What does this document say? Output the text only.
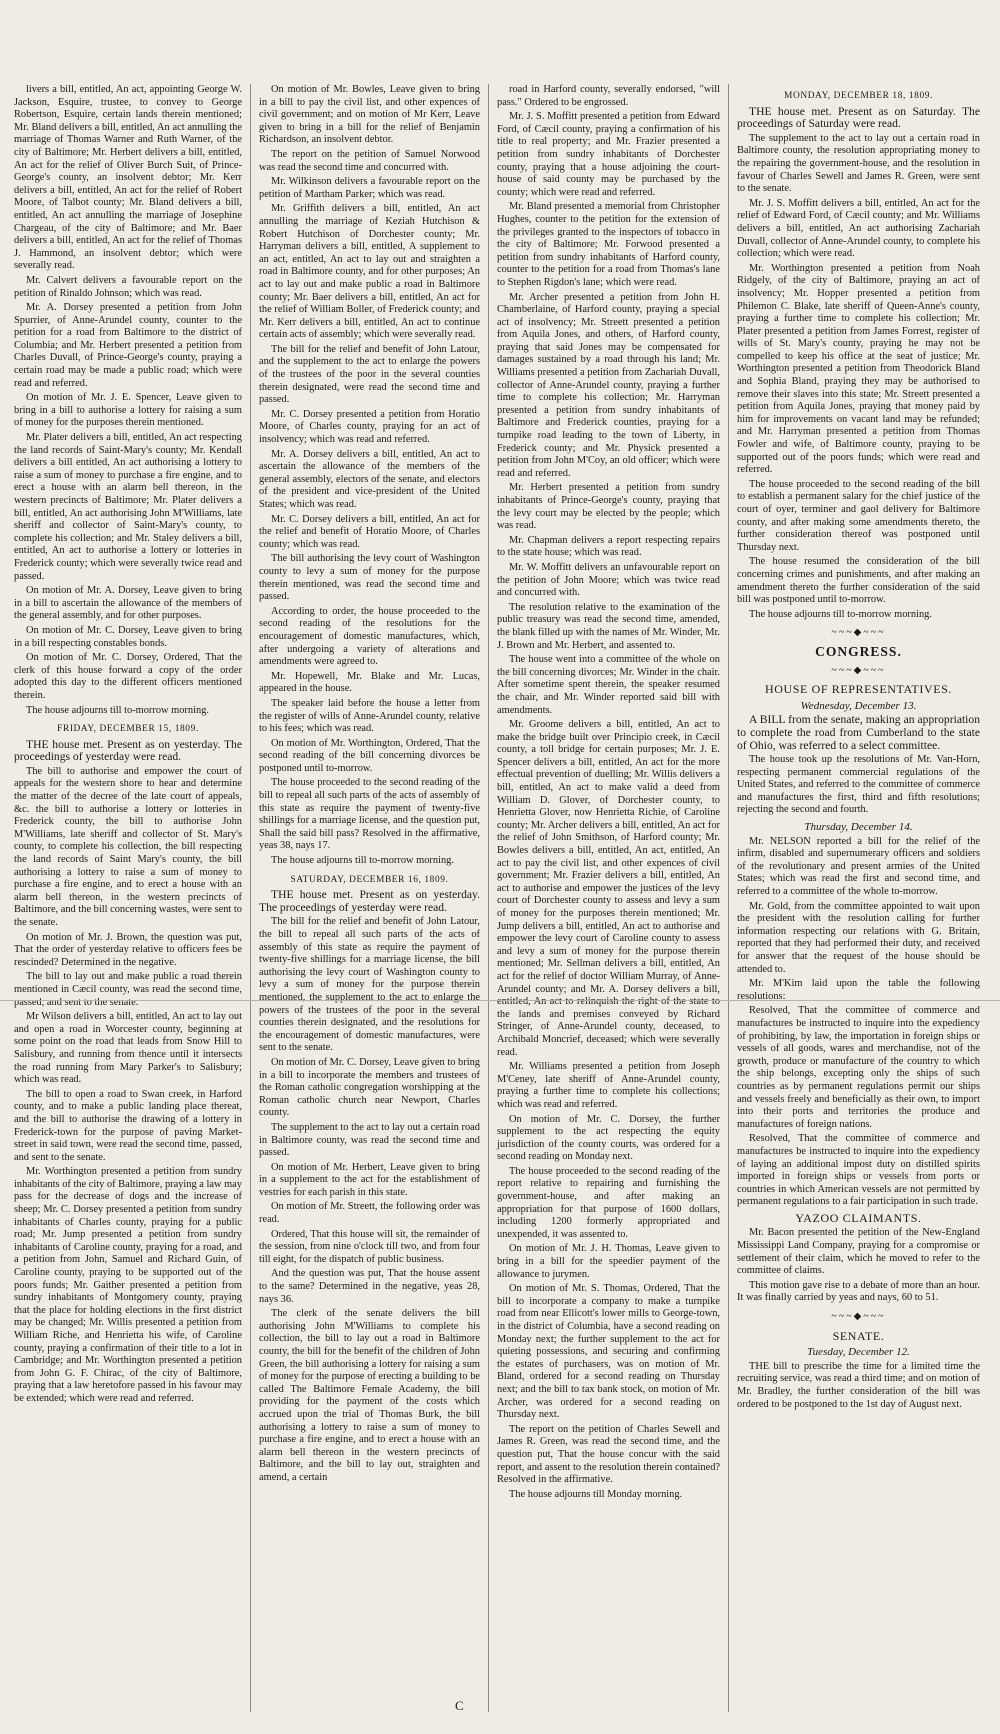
livers a bill, entitled, An act, appointing George W. Jackson, Esquire, trustee, to convey to George Robertson, Esquire, certain lands therein mentioned; Mr. Bland delivers a bill, entitled, An act annulling the marriage of Thomas Warner and Ruth Warner, of the city of Baltimore; Mr. Herbert delivers a bill, entitled, An act for the relief of Oliver Burch Suit, of Prince-George's county, an insolvent debtor; Mr. Kerr delivers a bill, entitled, An act for the relief of Robert Moore, of Talbot county; Mr. Bland delivers a bill, entitled, An act annulling the marriage of Josephine Chargeau, of the city of Baltimore; and Mr. Baer delivers a bill, entitled, An act for the relief of Thomas J. Hammond, an insolvent debtor; which were severally read.

Mr. Calvert delivers a favourable report on the petition of Rinaldo Johnson; which was read.

Mr. A. Dorsey presented a petition from John Spurrier, of Anne-Arundel county, counter to the petition for a road from Baltimore to the district of Columbia; and Mr. Herbert presented a petition from Charles Duvall, of Prince-George's county, praying a certain road may be made a public road; which were read and referred.

On motion of Mr. J. E. Spencer, Leave given to bring in a bill to authorise a lottery for raising a sum of money for the purposes therein mentioned.

Mr. Plater delivers a bill, entitled, An act respecting the land records of Saint-Mary's county; Mr. Kendall delivers a bill entitled, An act authorising a lottery to raise a sum of money to purchase a fire engine, and to erect a house with an alarm bell thereon, in the western precincts of Baltimore; Mr. Plater delivers a bill, entitled, An act authorising John M'Williams, late sheriff and collector of Saint-Mary's county, to complete his collection; and Mr. Staley delivers a bill, entitled, An act to authorise a lottery or lotteries in Frederick county; which were severally twice read and passed.

On motion of Mr. A. Dorsey, Leave given to bring in a bill to ascertain the allowance of the members of the general assembly, and for other purposes.

On motion of Mr. C. Dorsey, Leave given to bring in a bill respecting constables bonds.

On motion of Mr. C. Dorsey, Ordered, That the clerk of this house forward a copy of the order adopted this day to the different officers mentioned therein.

The house adjourns till to-morrow morning.

FRIDAY, DECEMBER 15, 1809.

THE house met. Present as on yesterday. The proceedings of yesterday were read.

The bill to authorise and empower the court of appeals for the western shore to hear and determine the matter of the decree of the late court of appeals, &c. the bill to authorise a lottery or lotteries in Frederick county, the bill to authorise John M'Williams, late sheriff and collector of St. Mary's county, to complete his collection, the bill respecting the land records of Saint Mary's county, the bill authorising a lottery to raise a sum of money to purchase a fire engine, and to erect a house with an alarm bell thereon, in the western precincts of Baltimore, and the bill concerning wastes, were sent to the senate.

On motion of Mr. J. Brown, the question was put, That the order of yesterday relative to officers fees be rescinded? Determined in the negative.

The bill to lay out and make public a road therein mentioned in Cæcil county, was read the second time, passed, and sent to the senate.

Mr Wilson delivers a bill, entitled, An act to lay out and open a road in Worcester county, beginning at some point on the road that leads from Snow Hill to Salisbury, and running from thence until it intersects the road running from Mary Parker's to Salisbury; which was read.

The bill to open a road to Swan creek, in Harford county, and to make a public landing place thereat, and the bill to authorise the drawing of a lottery in Frederick-town for the purpose of paving Market-street in said town, were read the second time, passed, and sent to the senate.

Mr. Worthington presented a petition from sundry inhabitants of the city of Baltimore, praying a law may pass for the decrease of dogs and the increase of sheep; Mr. C. Dorsey presented a petition from sundry inhabitants of Charles county, praying for a public road; Mr. Jump presented a petition from sundry inhabitants of Caroline county, praying for a road, and a petition from John, Samuel and Richard Guin, of Caroline county, praying to be supported out of the poors funds; Mr. Gaither presented a petition from sundry inhabitants of Montgomery county, praying that the place for holding elections in the first district may be changed; Mr. Willis presented a petition from William Riche, and Henrietta his wife, of Caroline county, praying a confirmation of their title to a lot in Cambridge; and Mr. Worthington presented a petition from John G. F. Chirac, of the city of Baltimore, praying that a law heretofore passed in his favour may be extended; which were read and referred.

On motion of Mr. Bowles, Leave given to bring in a bill to pay the civil list, and other expences of civil government; and on motion of Mr Kerr, Leave given to bring in a bill for the relief of Benjamin Richardson, an insolvent debtor.

The report on the petition of Samuel Norwood was read the second time and concurred with.

Mr. Wilkinson delivers a favourable report on the petition of Martham Parker; which was read.

Mr. Griffith delivers a bill, entitled, An act annulling the marriage of Keziah Hutchison & Robert Hutchison of Dorchester county; Mr. Harryman delivers a bill, entitled, A supplement to an act, entitled, An act to lay out and straighten a road in Baltimore county, and for other purposes; An act to lay out and make public a road in Baltimore county; Mr. Baer delivers a bill, entitled, An act for the relief of William Boller, of Frederick county; and Mr. Kerr delivers a bill, entitled, An act to continue certain acts of assembly; which were severally read.

The bill for the relief and benefit of John Latour, and the supplement to the act to enlarge the powers of the trustees of the poor in the several counties therein designated, were read the second time and passed.

Mr. C. Dorsey presented a petition from Horatio Moore, of Charles county, praying for an act of insolvency; which was read and referred.

Mr. A. Dorsey delivers a bill, entitled, An act to ascertain the allowance of the members of the general assembly, electors of the senate, and electors of the president and vice-president of the United States; which was read.

Mr. C. Dorsey delivers a bill, entitled, An act for the relief and benefit of Horatio Moore, of Charles county; which was read.

The bill authorising the levy court of Washington county to levy a sum of money for the purpose therein mentioned, was read the second time and passed.

According to order, the house proceeded to the second reading of the resolutions for the encouragement of domestic manufactures, which, after undergoing a variety of alterations and amendments were agreed to.

Mr. Hopewell, Mr. Blake and Mr. Lucas, appeared in the house.

The speaker laid before the house a letter from the register of wills of Anne-Arundel county, relative to his fees; which was read.

On motion of Mr. Worthington, Ordered, That the second reading of the bill concerning divorces be postponed until to-morrow.

The house proceeded to the second reading of the bill to repeal all such parts of the acts of assembly of this state as require the payment of twenty-five shillings for a marriage license, and the question put, Shall the said bill pass? Resolved in the affirmative, yeas 38, nays 17.

The house adjourns till to-morrow morning.

SATURDAY, DECEMBER 16, 1809.

THE house met. Present as on yesterday. The proceedings of yesterday were read.

The bill for the relief and benefit of John Latour, the bill to repeal all such parts of the acts of assembly of this state as require the payment of twenty-five shillings for a marriage license, the bill authorising the levy court of Washington county to levy a sum of money for the purpose therein mentioned, the supplement to the act to enlarge the powers of the trustees of the poor in the several counties therein designated, and the resolutions for the encouragement of domestic manufactures, were sent to the senate.

On motion of Mr. C. Dorsey, Leave given to bring in a bill to incorporate the members and trustees of the Roman catholic congregation worshipping at the Roman catholic church near Newport, Charles county.

The supplement to the act to lay out a certain road in Baltimore county, was read the second time and passed.

On motion of Mr. Herbert, Leave given to bring in a supplement to the act for the establishment of vestries for each parish in this state.

On motion of Mr. Streett, the following order was read.

Ordered, That this house will sit, the remainder of the session, from nine o'clock till two, and from four till eight, for the dispatch of public business.

And the question was put, That the house assent to the same? Determined in the negative, yeas 28, nays 36.

The clerk of the senate delivers the bill authorising John M'Williams to complete his collection, the bill to lay out a road in Baltimore county, the bill for the benefit of the children of John Green, the bill authorising a lottery for raising a sum of money for the purpose of erecting a building to be called The Baltimore Female Academy, the bill providing for the payment of the costs which accrued upon the trial of Thomas Burk, the bill authorising a lottery to raise a sum of money to purchase a fire engine, and to erect a house with an alarm bell thereon in the western precincts of Baltimore, and the bill to lay out, straighten and amend, a certain

road in Harford county, severally endorsed, "will pass." Ordered to be engrossed.

Mr. J. S. Moffitt presented a petition from Edward Ford, of Cæcil county, praying a confirmation of his title to real property; and Mr. Frazier presented a petition from sundry inhabitants of Dorchester county, praying that a house adjoining the court-house of said county may be purchased by the county; which were read and referred.

Mr. Bland presented a memorial from Christopher Hughes, counter to the petition for the extension of the privileges granted to the inspectors of tobacco in the city of Baltimore; Mr. Forwood presented a petition from sundry inhabitants of Harford county, counter to the petition for a road from Thomas's lane to Stephen Rigdon's lane; which were read.

Mr. Archer presented a petition from John H. Chamberlaine, of Harford county, praying a special act of insolvency; Mr. Streett presented a petition from Aquila Jones, and others, of Harford county, praying that said Jones may be compensated for damages sustained by a road through his land; Mr. Williams presented a petition from Zachariah Duvall, collector of Anne-Arundel county, praying a further time to complete his collection; Mr. Harryman presented a petition from sundry inhabitants of Baltimore and Frederick counties, praying for a turnpike road leading to the town of Liberty, in Frederick county; and Mr. Physick presented a petition from John M'Coy, an old officer; which were read and referred.

Mr. Herbert presented a petition from sundry inhabitants of Prince-George's county, praying that the levy court may be elected by the people; which was read.

Mr. Chapman delivers a report respecting repairs to the state house; which was read.

Mr. W. Moffitt delivers an unfavourable report on the petition of John Moore; which was twice read and concurred with.

The resolution relative to the examination of the public treasury was read the second time, amended, the blank filled up with the names of Mr. Winder, Mr. J. Brown and Mr. Herbert, and assented to.

The house went into a committee of the whole on the bill concerning divorces; Mr. Winder in the chair. After sometime spent therein, the speaker resumed the chair, and Mr. Winder reported said bill with amendments.

Mr. Groome delivers a bill, entitled, An act to make the bridge built over Principio creek, in Cæcil county, a toll bridge for certain purposes; Mr. J. E. Spencer delivers a bill, entitled, An act for the more effectual prevention of duelling; Mr. Willis delivers a bill, entitled, An act to make valid a deed from William D. Glover, of Dorchester county, to Henrietta Glover, now Henrietta Richie, of Caroline county; Mr. Archer delivers a bill, entitled, An act for the relief of John Smithson, of Harford county; Mr. Bowles delivers a bill, entitled, An act, entitled, An act to pay the civil list, and other expences of civil government; Mr. Frazier delivers a bill, entitled, An act to authorise and empower the justices of the levy court of Dorchester county to assess and levy a sum of money for the purposes therein mentioned; Mr. Jump delivers a bill, entitled, An act to authorise and empower the levy court of Caroline county to assess and levy a sum of money for the purpose therein mentioned; Mr. Sellman delivers a bill, entitled, An act for the relief of doctor William Murray, of Anne-Arundel county; and Mr. A. Dorsey delivers a bill, entitled, An act to relinquish the right of the state to the lands and premises conveyed by Richard Stringer, of Anne-Arundel county, deceased, to Archibald Moncrief, deceased; which were severally read.

Mr. Williams presented a petition from Joseph M'Ceney, late sheriff of Anne-Arundel county, praying a further time to complete his collections; which was read and referred.

On motion of Mr. C. Dorsey, the further supplement to the act respecting the equity jurisdiction of the county courts, was ordered for a second reading on Monday next.

The house proceeded to the second reading of the report relative to repairing and furnishing the government-house, and after making an appropriation for that purpose of 1600 dollars, including 1200 formerly appropriated and unexpended, it was assented to.

On motion of Mr. J. H. Thomas, Leave given to bring in a bill for the speedier payment of the allowance to jurymen.

On motion of Mr. S. Thomas, Ordered, That the bill to incorporate a company to make a turnpike road from near Ellicott's lower mills to George-town, in the district of Columbia, have a second reading on Monday next; the further supplement to the act for quieting possessions, and securing and confirming the estates of purchasers, was on motion of Mr. Bland, ordered for a second reading on Thursday next; and the bill to tax bank stock, on motion of Mr. Archer, was ordered for a second reading on Thursday next.

The report on the petition of Charles Sewell and James R. Green, was read the second time, and the question put, That the house concur with the said report, and assent to the resolution therein contained? Resolved in the affirmative.

The house adjourns till Monday morning.

MONDAY, DECEMBER 18, 1809.

THE house met. Present as on Saturday. The proceedings of Saturday were read.

The supplement to the act to lay out a certain road in Baltimore county, the resolution appropriating money to the repairing the government-house, and the resolution in favour of Charles Sewell and James R. Green, were sent to the senate.

Mr. J. S. Moffitt delivers a bill, entitled, An act for the relief of Edward Ford, of Cæcil county; and Mr. Williams delivers a bill, entitled, An act authorising Zachariah Duvall, collector of Anne-Arundel county, to complete his collection; which were read.

Mr. Worthington presented a petition from Noah Ridgely, of the city of Baltimore, praying an act of insolvency; Mr. Hopper presented a petition from Philemon C. Blake, late sheriff of Queen-Anne's county, praying a further time to complete his collection; Mr. Plater presented a petition from James Forrest, register of wills of St. Mary's county, praying he may not be compelled to keep his office at the seat of justice; Mr. Worthington presented a petition from Theodorick Bland and Sophia Bland, praying they may be authorised to remove their slaves into this state; Mr. Streett presented a petition from Aquila Jones, praying that money paid by him for improvements on vacant land may be refunded; and Mr. Harryman presented a petition from Thomas Fowler and wife, of Baltimore county, praying to be supported out of the poors funds; which were read and referred.

The house proceeded to the second reading of the bill to establish a permanent salary for the chief justice of the court of oyer, terminer and gaol delivery for Baltimore county, and after making some amendments thereto, the further consideration thereof was postponed until Thursday next.

The house resumed the consideration of the bill concerning crimes and punishments, and after making an amendment thereto the further consideration of the said bill was postponed until to-morrow.

The house adjourns till to-morrow morning.

~~~◆~~~
CONGRESS.
~~~◆~~~
HOUSE OF REPRESENTATIVES.
Wednesday, December 13.

A BILL from the senate, making an appropriation to complete the road from Cumberland to the state of Ohio, was referred to a select committee.

The house took up the resolutions of Mr. Van-Horn, respecting permanent commercial regulations of the United States, and referred to the committee of commerce and manufactures the first, third and fifth resolutions; rejecting the second and fourth.

Thursday, December 14.

Mr. NELSON reported a bill for the relief of the infirm, disabled and supernumerary officers and soldiers of the revolutionary and present armies of the United States; which was read the first and second time, and referred to a committee of the whole to-morrow.

Mr. Gold, from the committee appointed to wait upon the president with the resolution calling for further information respecting our relations with G. Britain, reported that they had performed their duty, and received for answer that the request of the house should be attended to.

Mr. M'Kim laid upon the table the following resolutions:

Resolved, That the committee of commerce and manufactures be instructed to inquire into the expediency of prohibiting, by law, the importation in foreign ships or vessels of all goods, wares and merchandise, not of the growth, produce or manufacture of the country to which the ship belongs, excepting only the ships of such countries as by permanent regulations permit our ships and vessels freely and beneficially as their own, to import into their ports and territories the produce and manufactures of foreign nations.

Resolved, That the committee of commerce and manufactures be instructed to inquire into the expediency of laying an additional impost duty on distilled spirits imported in foreign ships or vessels from ports or countries in which American vessels are not permitted by permanent regulations to a fair participation in such trade.

YAZOO CLAIMANTS.

Mr. Bacon presented the petition of the New-England Mississippi Land Company, praying for a compromise or settlement of their claim, which he moved to refer to the committee of claims.

This motion gave rise to a debate of more than an hour. It was finally carried by yeas and nays, 60 to 51.

~~~◆~~~
SENATE.
Tuesday, December 12.

THE bill to prescribe the time for a limited time the recruiting service, was read a third time; and on motion of Mr. Bradley, the further consideration of the bill was ordered to be postponed to the 1st day of August next.

C
